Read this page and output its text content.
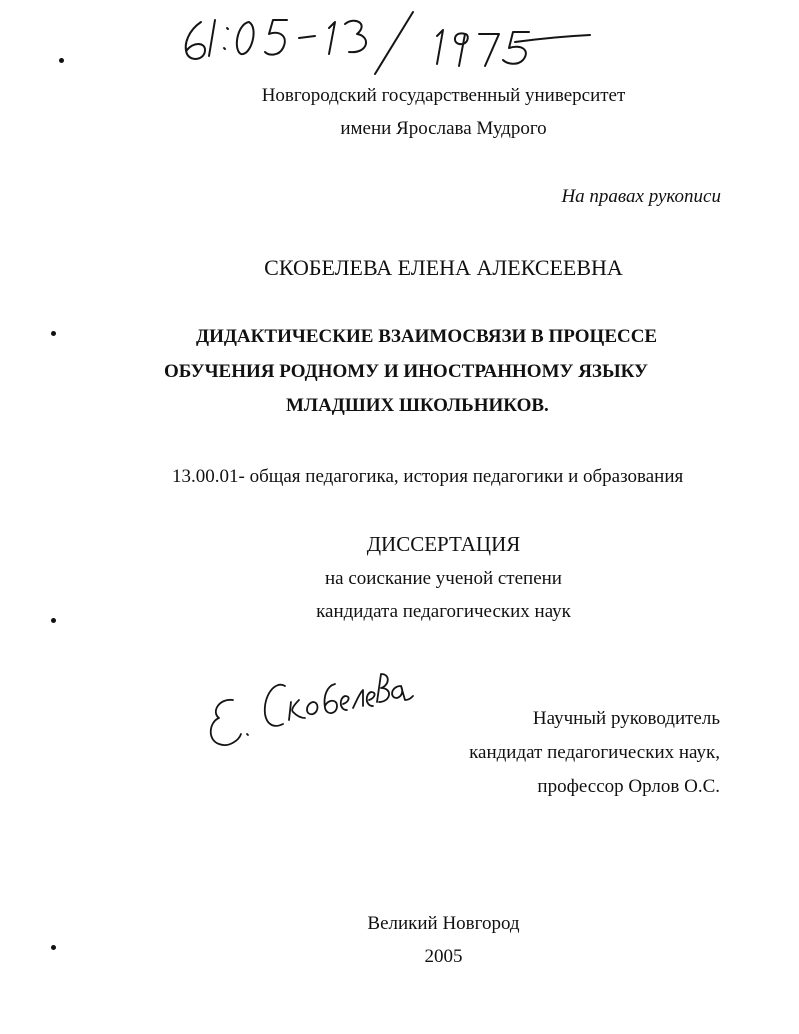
Новгородский государственный университет
имени Ярослава Мудрого
На правах рукописи
СКОБЕЛЕВА ЕЛЕНА АЛЕКСЕЕВНА
ДИДАКТИЧЕСКИЕ ВЗАИМОСВЯЗИ В ПРОЦЕССЕ
ОБУЧЕНИЯ РОДНОМУ И ИНОСТРАННОМУ ЯЗЫКУ
МЛАДШИХ ШКОЛЬНИКОВ.
13.00.01- общая педагогика, история педагогики и образования
ДИССЕРТАЦИЯ
на соискание ученой степени
кандидата педагогических наук
Научный руководитель
кандидат педагогических наук,
профессор Орлов О.С.
Великий Новгород
2005
